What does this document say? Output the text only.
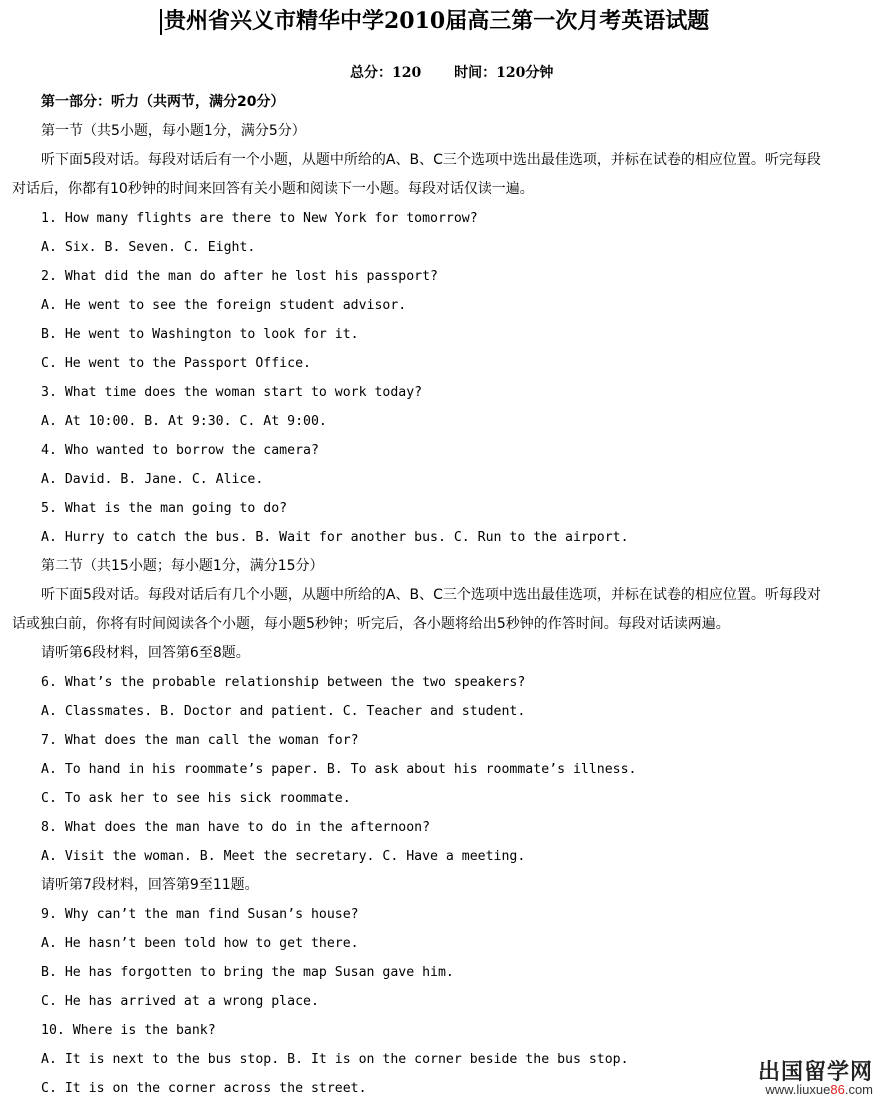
贵州省兴义市精华中学2010届高三第一次月考英语试题
总分：120 时间：120分钟
第一部分：听力（共两节，满分20分）
第一节（共5小题，每小题1分，满分5分）
听下面5段对话。每段对话后有一个小题，从题中所给的A、B、C三个选项中选出最佳选项，并标在试卷的相应位置。听完每段
对话后，你都有10秒钟的时间来回答有关小题和阅读下一小题。每段对话仅读一遍。
1. How many flights are there to New York for tomorrow?
A. Six. B. Seven. C. Eight.
2. What did the man do after he lost his passport?
A. He went to see the foreign student advisor.
B. He went to Washington to look for it.
C. He went to the Passport Office.
3. What time does the woman start to work today?
A. At 10:00. B. At 9:30. C. At 9:00.
4. Who wanted to borrow the camera?
A. David. B. Jane. C. Alice.
5. What is the man going to do?
A. Hurry to catch the bus. B. Wait for another bus. C. Run to the airport.
第二节（共15小题；每小题1分，满分15分）
听下面5段对话。每段对话后有几个小题，从题中所给的A、B、C三个选项中选出最佳选项，并标在试卷的相应位置。听每段对
话或独白前，你将有时间阅读各个小题，每小题5秒钟；听完后，各小题将给出5秒钟的作答时间。每段对话读两遍。
请听第6段材料，回答第6至8题。
6. What’s the probable relationship between the two speakers?
A. Classmates. B. Doctor and patient. C. Teacher and student.
7. What does the man call the woman for?
A. To hand in his roommate’s paper. B. To ask about his roommate’s illness.
C. To ask her to see his sick roommate.
8. What does the man have to do in the afternoon?
A. Visit the woman. B. Meet the secretary. C. Have a meeting.
请听第7段材料，回答第9至11题。
9. Why can’t the man find Susan’s house?
A. He hasn’t been told how to get there.
B. He has forgotten to bring the map Susan gave him.
C. He has arrived at a wrong place.
10. Where is the bank?
A. It is next to the bus stop. B. It is on the corner beside the bus stop.
C. It is on the corner across the street.
出国留学网
www.liuxue86.com
